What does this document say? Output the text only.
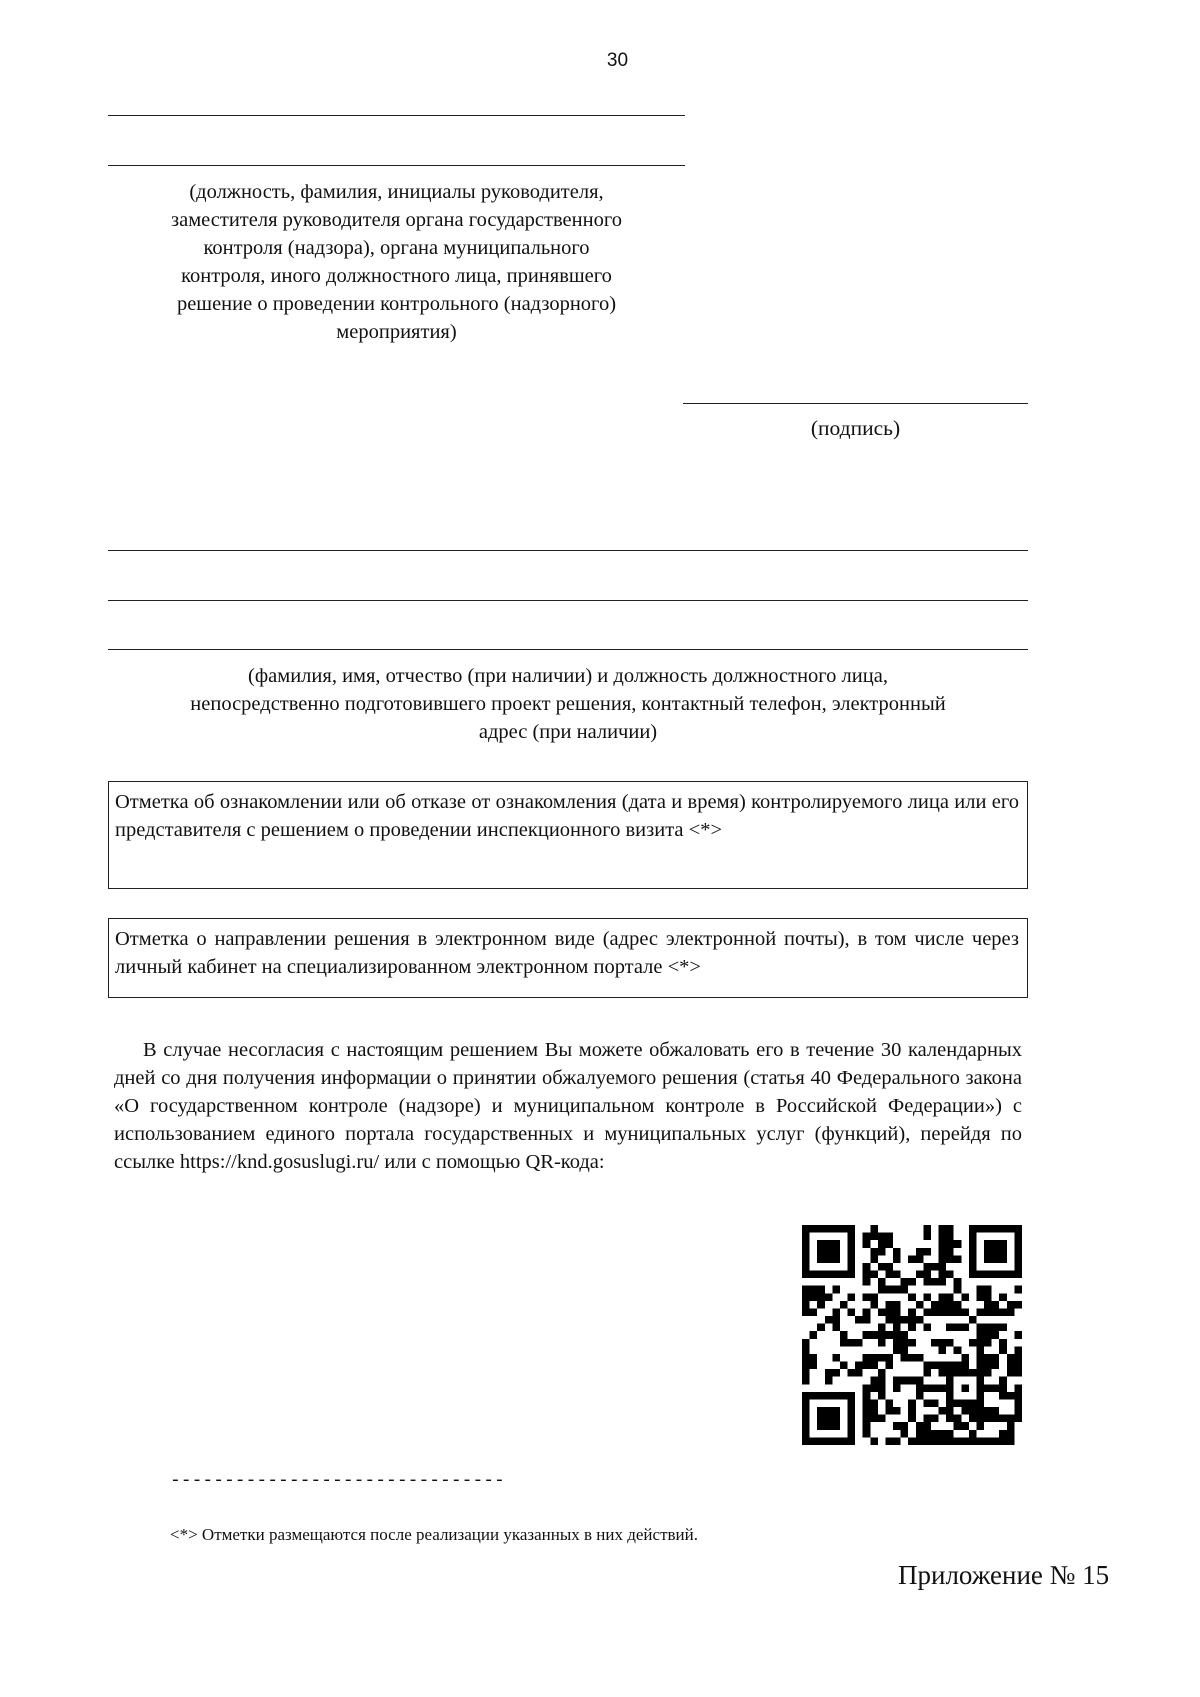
30
(должность, фамилия, инициалы руководителя,
заместителя руководителя органа государственного
контроля (надзора), органа муниципального
контроля, иного должностного лица, принявшего
решение о проведении контрольного (надзорного)
мероприятия)
(подпись)
(фамилия, имя, отчество (при наличии) и должность должностного лица,
непосредственно подготовившего проект решения, контактный телефон, электронный
адрес (при наличии)
Отметка об ознакомлении или об отказе от ознакомления (дата и время) контролируемого лица или его представителя с решением о проведении инспекционного визита <*>
Отметка о направлении решения в электронном виде (адрес электронной почты), в том числе через личный кабинет на специализированном электронном портале <*>
В случае несогласия с настоящим решением Вы можете обжаловать его в течение 30 календарных дней со дня получения информации о принятии обжалуемого решения (статья 40 Федерального закона «О государственном контроле (надзоре) и муниципальном контроле в Российской Федерации») с использованием единого портала государственных и муниципальных услуг (функций), перейдя по ссылке https://knd.gosuslugi.ru/ или с помощью QR-кода:
-------------------------------
<*> Отметки размещаются после реализации указанных в них действий.
Приложение № 15
